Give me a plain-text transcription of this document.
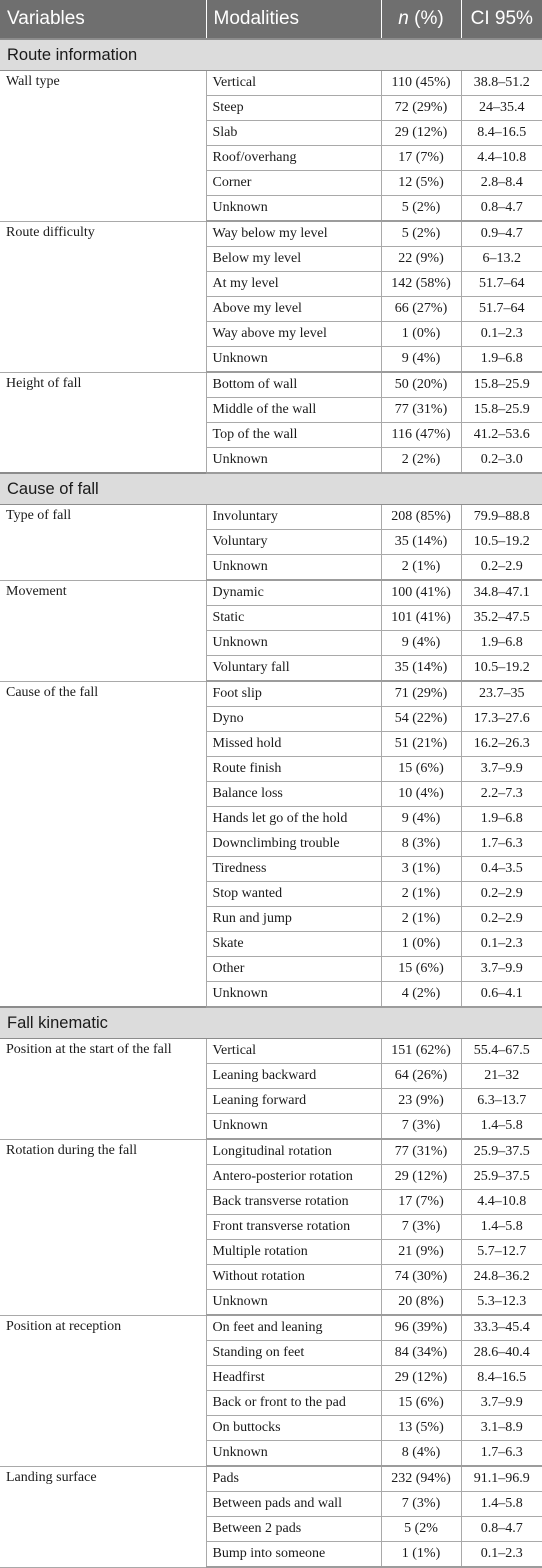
Variables	Modalities	n (%)	CI 95%
Route information			
Wall type	Vertical	110 (45%)	38.8–51.2
	Steep	72 (29%)	24–35.4
	Slab	29 (12%)	8.4–16.5
	Roof/overhang	17 (7%)	4.4–10.8
	Corner	12 (5%)	2.8–8.4
	Unknown	5 (2%)	0.8–4.7
Route difficulty	Way below my level	5 (2%)	0.9–4.7
	Below my level	22 (9%)	6–13.2
	At my level	142 (58%)	51.7–64
	Above my level	66 (27%)	51.7–64
	Way above my level	1 (0%)	0.1–2.3
	Unknown	9 (4%)	1.9–6.8
Height of fall	Bottom of wall	50 (20%)	15.8–25.9
	Middle of the wall	77 (31%)	15.8–25.9
	Top of the wall	116 (47%)	41.2–53.6
	Unknown	2 (2%)	0.2–3.0
Cause of fall			
Type of fall	Involuntary	208 (85%)	79.9–88.8
	Voluntary	35 (14%)	10.5–19.2
	Unknown	2 (1%)	0.2–2.9
Movement	Dynamic	100 (41%)	34.8–47.1
	Static	101 (41%)	35.2–47.5
	Unknown	9 (4%)	1.9–6.8
	Voluntary fall	35 (14%)	10.5–19.2
Cause of the fall	Foot slip	71 (29%)	23.7–35
	Dyno	54 (22%)	17.3–27.6
	Missed hold	51 (21%)	16.2–26.3
	Route finish	15 (6%)	3.7–9.9
	Balance loss	10 (4%)	2.2–7.3
	Hands let go of the hold	9 (4%)	1.9–6.8
	Downclimbing trouble	8 (3%)	1.7–6.3
	Tiredness	3 (1%)	0.4–3.5
	Stop wanted	2 (1%)	0.2–2.9
	Run and jump	2 (1%)	0.2–2.9
	Skate	1 (0%)	0.1–2.3
	Other	15 (6%)	3.7–9.9
	Unknown	4 (2%)	0.6–4.1
Fall kinematic			
Position at the start of the fall	Vertical	151 (62%)	55.4–67.5
	Leaning backward	64 (26%)	21–32
	Leaning forward	23 (9%)	6.3–13.7
	Unknown	7 (3%)	1.4–5.8
Rotation during the fall	Longitudinal rotation	77 (31%)	25.9–37.5
	Antero-posterior rotation	29 (12%)	25.9–37.5
	Back transverse rotation	17 (7%)	4.4–10.8
	Front transverse rotation	7 (3%)	1.4–5.8
	Multiple rotation	21 (9%)	5.7–12.7
	Without rotation	74 (30%)	24.8–36.2
	Unknown	20 (8%)	5.3–12.3
Position at reception	On feet and leaning	96 (39%)	33.3–45.4
	Standing on feet	84 (34%)	28.6–40.4
	Headfirst	29 (12%)	8.4–16.5
	Back or front to the pad	15 (6%)	3.7–9.9
	On buttocks	13 (5%)	3.1–8.9
	Unknown	8 (4%)	1.7–6.3
Landing surface	Pads	232 (94%)	91.1–96.9
	Between pads and wall	7 (3%)	1.4–5.8
	Between 2 pads	5 (2%	0.8–4.7
	Bump into someone	1 (1%)	0.1–2.3
